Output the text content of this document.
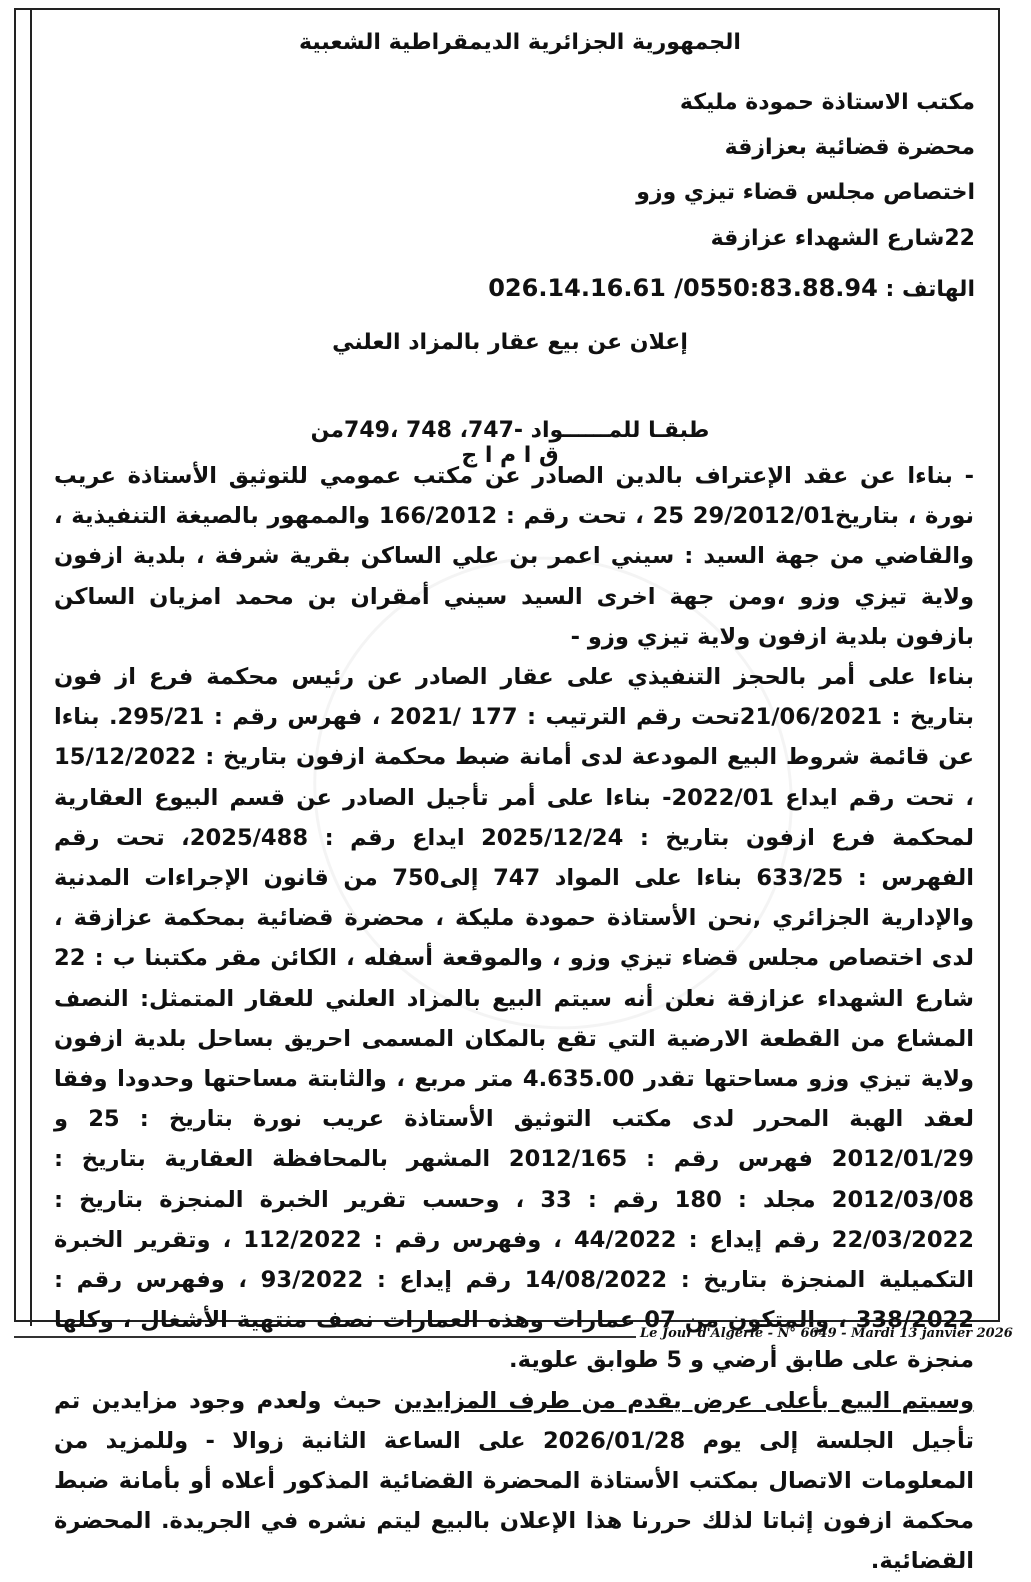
الجمهورية الجزائرية الديمقراطية الشعبية
مكتب الاستاذة حمودة مليكة
محضرة قضائية بعزازقة
اختصاص مجلس قضاء تيزي وزو
22شارع الشهداء عزازقة
الهاتف : 026.14.16.61 /0550:83.88.94
إعلان عن بيع عقار بالمزاد العلني
طبقـا للمــــــواد -747، 748 ،749من ق ا م ا ج

- بناءا عن عقد الإعتراف بالدين الصادر عن مكتب عمومي للتوثيق الأستاذة عريب نورة ، بتاريخ29/2012/01 25 ، تحت رقم : 166/2012 والممهور بالصيغة التنفيذية ، والقاضي من جهة السيد : سيني اعمر بن علي الساكن بقرية شرفة ، بلدية ازفون ولاية تيزي وزو ،ومن جهة اخرى السيد سيني أمقران بن محمد امزيان الساكن بازفون بلدية ازفون ولاية تيزي وزو -

بناءا على أمر بالحجز التنفيذي على عقار الصادر عن رئيس محكمة فرع از فون بتاريخ : 21/06/2021تحت رقم الترتيب : 177 /2021 ، فهرس رقم : 295/21. بناءا عن قائمة شروط البيع المودعة لدى أمانة ضبط محكمة ازفون بتاريخ : 15/12/2022 ، تحت رقم ايداع 2022/01- بناءا على أمر تأجيل الصادر عن قسم البيوع العقارية لمحكمة فرع ازفون بتاريخ : 2025/12/24 ايداع رقم : 2025/488، تحت رقم الفهرس : 633/25 بناءا على المواد 747 إلى750 من قانون الإجراءات المدنية والإدارية الجزائري ,نحن الأستاذة حمودة مليكة ، محضرة قضائية بمحكمة عزازقة ، لدى اختصاص مجلس قضاء تيزي وزو ، والموقعة أسفله ، الكائن مقر مكتبنا ب : 22 شارع الشهداء عزازقة نعلن أنه سيتم البيع بالمزاد العلني للعقار المتمثل: النصف المشاع من القطعة الارضية التي تقع بالمكان المسمى احريق بساحل بلدية ازفون ولاية تيزي وزو مساحتها تقدر 4.635.00 متر مربع ، والثابتة مساحتها وحدودا وفقا لعقد الهبة المحرر لدى مكتب التوثيق الأستاذة عريب نورة بتاريخ : 25 و 2012/01/29 فهرس رقم : 2012/165 المشهر بالمحافظة العقارية بتاريخ : 2012/03/08 مجلد : 180 رقم : 33 ، وحسب تقرير الخبرة المنجزة بتاريخ : 22/03/2022 رقم إيداع : 44/2022 ، وفهرس رقم : 112/2022 ، وتقرير الخبرة التكميلية المنجزة بتاريخ : 14/08/2022 رقم إيداع : 93/2022 ، وفهرس رقم : 338/2022 ، والمتكون من 07 عمارات وهذه العمارات نصف منتهية الأشغال ، وكلها منجزة على طابق أرضي و 5 طوابق علوية.

وسيتم البيع بأعلى عرض يقدم من طرف المزايدين حيث ولعدم وجود مزايدين تم تأجيل الجلسة إلى يوم 2026/01/28 على الساعة الثانية زوالا - وللمزيد من المعلومات الاتصال بمكتب الأستاذة المحضرة القضائية المذكور أعلاه أو بأمانة ضبط محكمة ازفون إثباتا لذلك حررنا هذا الإعلان بالبيع ليتم نشره في الجريدة. المحضرة القضائية.

Le Jour d'Algérie - N° 6649 - Mardi 13 janvier 2026
